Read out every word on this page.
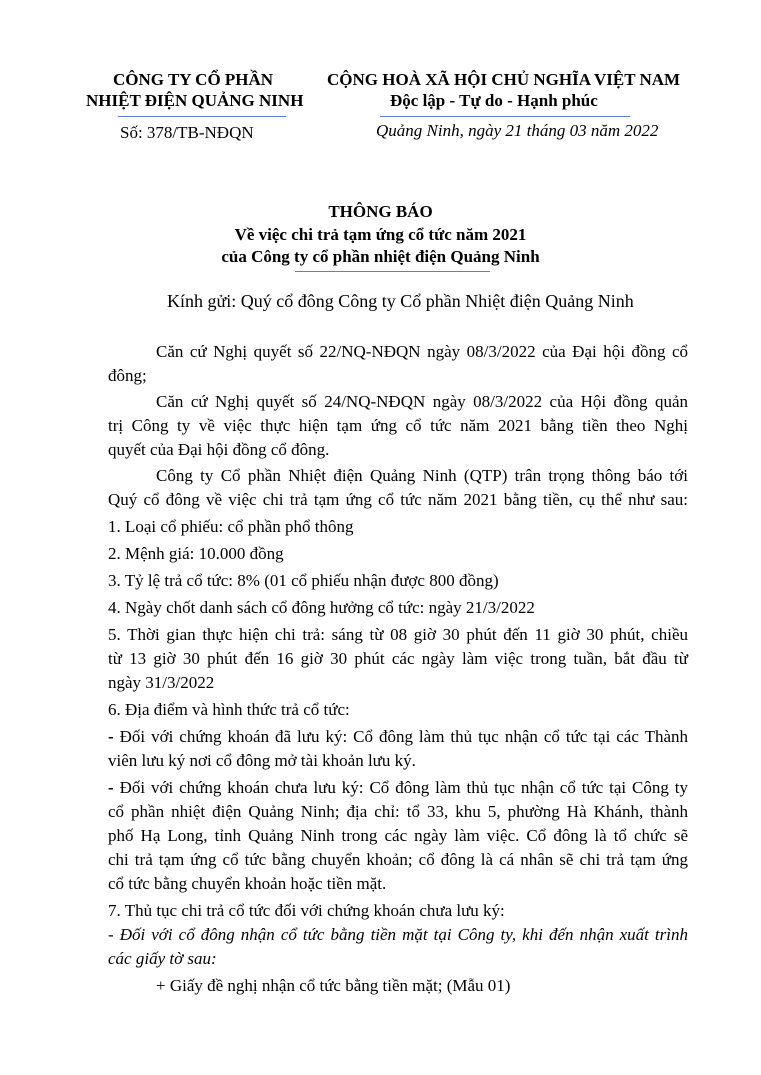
CÔNG TY CỔ PHẦN
NHIỆT ĐIỆN QUẢNG NINH
Số: 378/TB-NĐQN
CỘNG HOÀ XÃ HỘI CHỦ NGHĨA VIỆT NAM
Độc lập - Tự do - Hạnh phúc
Quảng Ninh, ngày 21 tháng 03 năm 2022
THÔNG BÁO
Về việc chi trả tạm ứng cổ tức năm 2021
của Công ty cổ phần nhiệt điện Quảng Ninh
Kính gửi: Quý cổ đông Công ty Cổ phần Nhiệt điện Quảng Ninh
Căn cứ Nghị quyết số 22/NQ-NĐQN ngày 08/3/2022 của Đại hội đồng cổ
đông;
Căn cứ Nghị quyết số 24/NQ-NĐQN ngày 08/3/2022 của Hội đồng quản
trị Công ty về việc thực hiện tạm ứng cổ tức năm 2021 bằng tiền theo Nghị
quyết của Đại hội đồng cổ đông.
Công ty Cổ phần Nhiệt điện Quảng Ninh (QTP) trân trọng thông báo tới
Quý cổ đông về việc chi trả tạm ứng cổ tức năm 2021 bằng tiền, cụ thể như sau:
1. Loại cổ phiếu: cổ phần phổ thông
2. Mệnh giá: 10.000 đồng
3. Tỷ lệ trả cổ tức: 8% (01 cổ phiếu nhận được 800 đồng)
4. Ngày chốt danh sách cổ đông hưởng cổ tức: ngày 21/3/2022
5. Thời gian thực hiện chi trả: sáng từ 08 giờ 30 phút đến 11 giờ 30 phút, chiều
từ 13 giờ 30 phút đến 16 giờ 30 phút các ngày làm việc trong tuần, bắt đầu từ
ngày 31/3/2022
6. Địa điểm và hình thức trả cổ tức:
- Đối với chứng khoán đã lưu ký: Cổ đông làm thủ tục nhận cổ tức tại các Thành
viên lưu ký nơi cổ đông mở tài khoản lưu ký.
- Đối với chứng khoán chưa lưu ký: Cổ đông làm thủ tục nhận cổ tức tại Công ty
cổ phần nhiệt điện Quảng Ninh; địa chỉ: tổ 33, khu 5, phường Hà Khánh, thành
phố Hạ Long, tỉnh Quảng Ninh trong các ngày làm việc. Cổ đông là tổ chức sẽ
chi trả tạm ứng cổ tức bằng chuyển khoản; cổ đông là cá nhân sẽ chi trả tạm ứng
cổ tức bằng chuyển khoản hoặc tiền mặt.
7. Thủ tục chi trả cổ tức đối với chứng khoán chưa lưu ký:
- Đối với cổ đông nhận cổ tức bằng tiền mặt tại Công ty, khi đến nhận xuất trình
các giấy tờ sau:
+ Giấy đề nghị nhận cổ tức bằng tiền mặt; (Mẫu 01)
